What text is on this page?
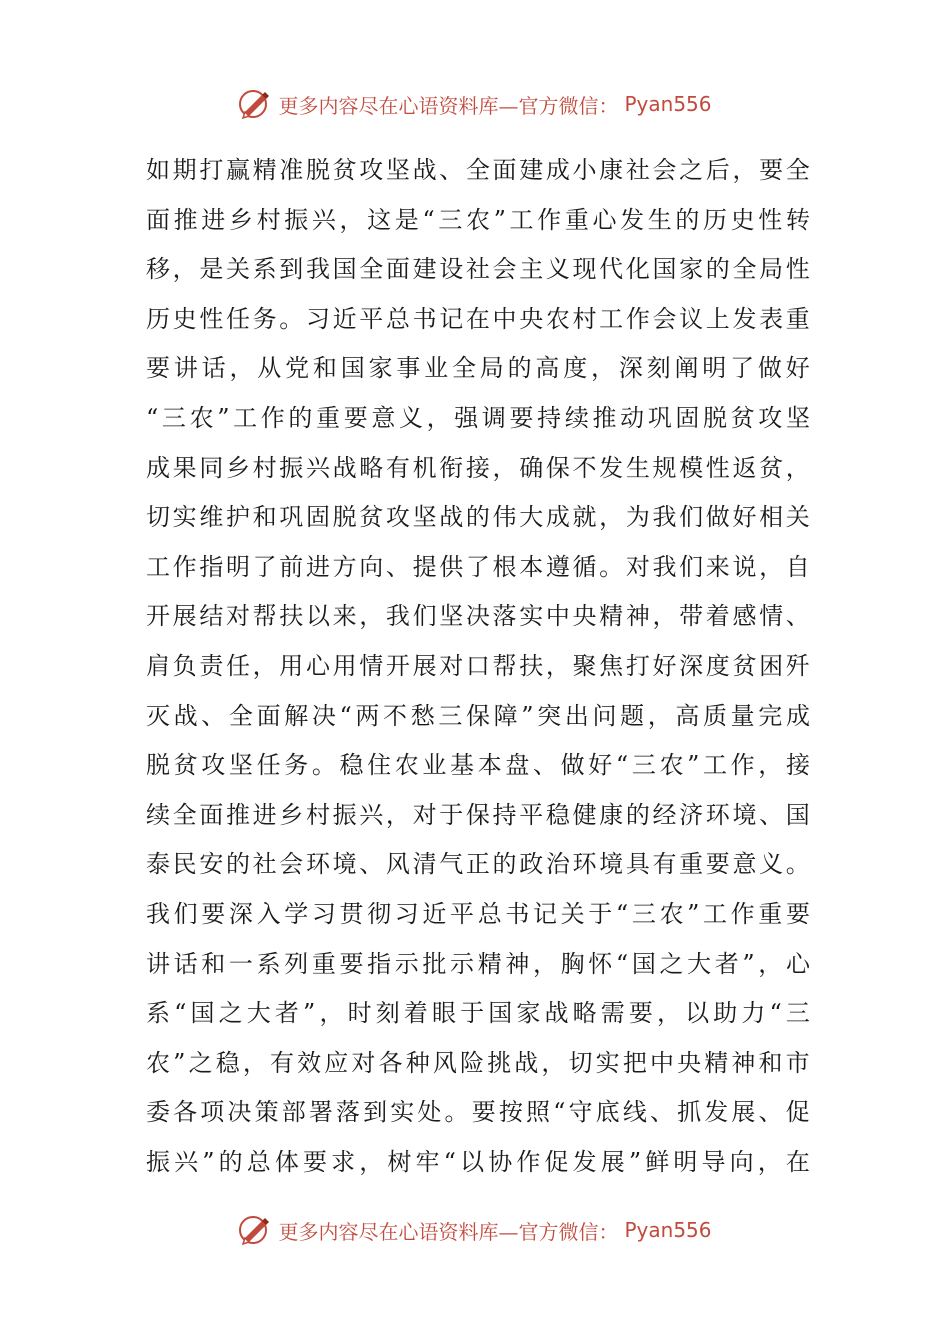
更多内容尽在心语资料库—官方微信： Pyan556
如 期 打 赢 精 准 脱 贫 攻 坚 战 、 全 面 建 成 小 康 社 会 之 后 ， 要 全
面 推 进 乡 村 振 兴 ， 这 是 “ 三 农 ” 工 作 重 心 发 生 的 历 史 性 转
移 ， 是 关 系 到 我 国 全 面 建 设 社 会 主 义 现 代 化 国 家 的 全 局 性
历 史 性 任 务 。 习 近 平 总 书 记 在 中 央 农 村 工 作 会 议 上 发 表 重
要 讲 话 ， 从 党 和 国 家 事 业 全 局 的 高 度 ， 深 刻 阐 明 了 做 好
“ 三 农 ” 工 作 的 重 要 意 义 ， 强 调 要 持 续 推 动 巩 固 脱 贫 攻 坚
成 果 同 乡 村 振 兴 战 略 有 机 衔 接 ， 确 保 不 发 生 规 模 性 返 贫 ，
切 实 维 护 和 巩 固 脱 贫 攻 坚 战 的 伟 大 成 就 ， 为 我 们 做 好 相 关
工 作 指 明 了 前 进 方 向 、 提 供 了 根 本 遵 循 。 对 我 们 来 说 ， 自
开 展 结 对 帮 扶 以 来 ， 我 们 坚 决 落 实 中 央 精 神 ， 带 着 感 情 、
肩 负 责 任 ， 用 心 用 情 开 展 对 口 帮 扶 ， 聚 焦 打 好 深 度 贫 困 歼
灭 战 、 全 面 解 决 “ 两 不 愁 三 保 障 ” 突 出 问 题 ， 高 质 量 完 成
脱 贫 攻 坚 任 务 。 稳 住 农 业 基 本 盘 、 做 好 “ 三 农 ” 工 作 ， 接
续 全 面 推 进 乡 村 振 兴 ， 对 于 保 持 平 稳 健 康 的 经 济 环 境 、 国
泰 民 安 的 社 会 环 境 、 风 清 气 正 的 政 治 环 境 具 有 重 要 意 义 。
我 们 要 深 入 学 习 贯 彻 习 近 平 总 书 记 关 于 “ 三 农 ” 工 作 重 要
讲 话 和 一 系 列 重 要 指 示 批 示 精 神 ， 胸 怀 “ 国 之 大 者 ” ， 心
系 “ 国 之 大 者 ” ， 时 刻 着 眼 于 国 家 战 略 需 要 ， 以 助 力 “ 三
农 ” 之 稳 ， 有 效 应 对 各 种 风 险 挑 战 ， 切 实 把 中 央 精 神 和 市
委 各 项 决 策 部 署 落 到 实 处 。 要 按 照 “ 守 底 线 、 抓 发 展 、 促
振 兴 ” 的 总 体 要 求 ， 树 牢 “ 以 协 作 促 发 展 ” 鲜 明 导 向 ， 在
更多内容尽在心语资料库—官方微信： Pyan556
